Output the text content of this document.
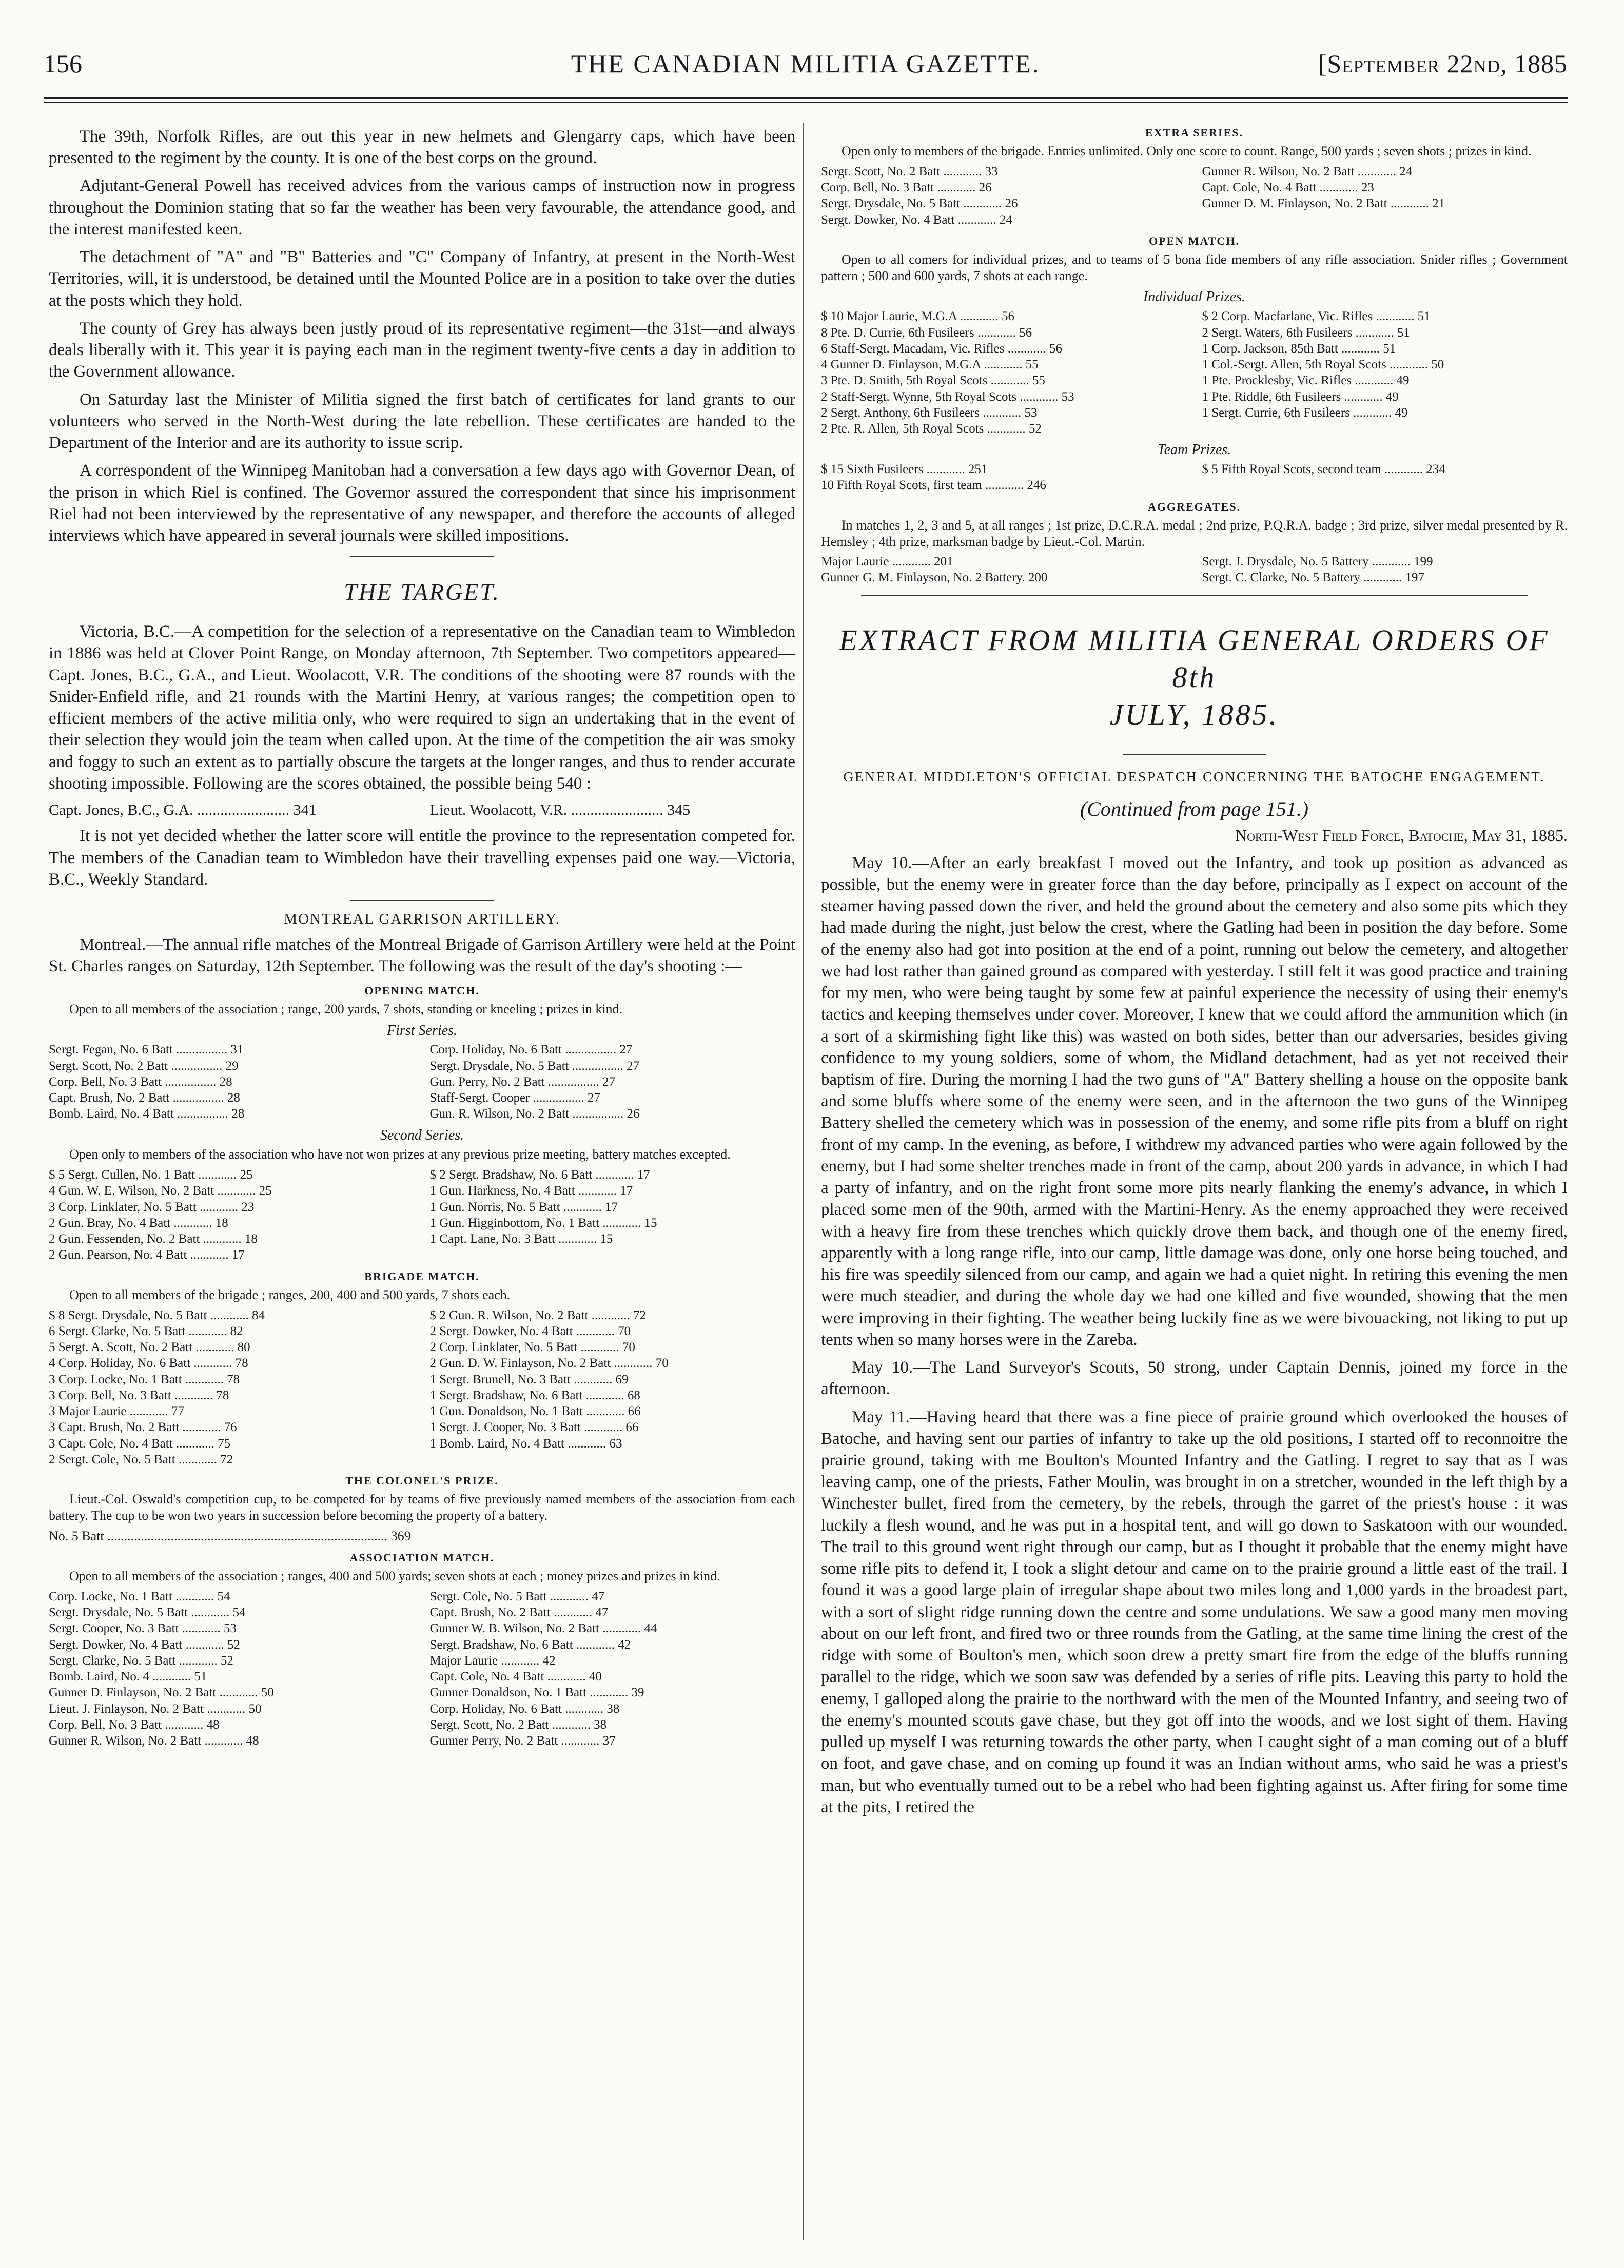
156	THE CANADIAN MILITIA GAZETTE.	[September 22nd, 1885

The 39th, Norfolk Rifles, are out this year in new helmets and Glengarry caps, which have been presented to the regiment by the county. It is one of the best corps on the ground.

Adjutant-General Powell has received advices from the various camps of instruction now in progress throughout the Dominion stating that so far the weather has been very favourable, the attendance good, and the interest manifested keen.

The detachment of "A" and "B" Batteries and "C" Company of Infantry, at present in the North-West Territories, will, it is understood, be detained until the Mounted Police are in a position to take over the duties at the posts which they hold.

The county of Grey has always been justly proud of its representative regiment—the 31st—and always deals liberally with it. This year it is paying each man in the regiment twenty-five cents a day in addition to the Government allowance.

On Saturday last the Minister of Militia signed the first batch of certificates for land grants to our volunteers who served in the North-West during the late rebellion. These certificates are handed to the Department of the Interior and are its authority to issue scrip.

A correspondent of the Winnipeg Manitoban had a conversation a few days ago with Governor Dean, of the prison in which Riel is confined. The Governor assured the correspondent that since his imprisonment Riel had not been interviewed by the representative of any newspaper, and therefore the accounts of alleged interviews which have appeared in several journals were skilled impositions.

THE TARGET.

Victoria, B.C.—A competition for the selection of a representative on the Canadian team to Wimbledon in 1886 was held at Clover Point Range, on Monday afternoon, 7th September. Two competitors appeared—Capt. Jones, B.C., G.A., and Lieut. Woolacott, V.R. The conditions of the shooting were 87 rounds with the Snider-Enfield rifle, and 21 rounds with the Martini Henry, at various ranges; the competition open to efficient members of the active militia only, who were required to sign an undertaking that in the event of their selection they would join the team when called upon. At the time of the competition the air was smoky and foggy to such an extent as to partially obscure the targets at the longer ranges, and thus to render accurate shooting impossible. Following are the scores obtained, the possible being 540 :

Capt. Jones, B.C., G.A. ........................ 341	Lieut. Woolacott, V.R. ........................ 345

It is not yet decided whether the latter score will entitle the province to the representation competed for. The members of the Canadian team to Wimbledon have their travelling expenses paid one way.—Victoria, B.C., Weekly Standard.

MONTREAL GARRISON ARTILLERY.

Montreal.—The annual rifle matches of the Montreal Brigade of Garrison Artillery were held at the Point St. Charles ranges on Saturday, 12th September. The following was the result of the day's shooting :—

OPENING MATCH.
Open to all members of the association ; range, 200 yards, 7 shots, standing or kneeling ; prizes in kind.
First Series.
Sergt. Fegan, No. 6 Batt ................ 31	Corp. Holiday, No. 6 Batt ................ 27
Sergt. Scott, No. 2 Batt ................ 29	Sergt. Drysdale, No. 5 Batt ................ 27
Corp. Bell, No. 3 Batt ................ 28	Gun. Perry, No. 2 Batt ................ 27
Capt. Brush, No. 2 Batt ................ 28	Staff-Sergt. Cooper ................ 27
Bomb. Laird, No. 4 Batt ................ 28	Gun. R. Wilson, No. 2 Batt ................ 26
Second Series.
Open only to members of the association who have not won prizes at any previous prize meeting, battery matches excepted.
$ 5 Sergt. Cullen, No. 1 Batt ............ 25	$ 2 Sergt. Bradshaw, No. 6 Batt ............ 17
4 Gun. W. E. Wilson, No. 2 Batt ............ 25	1 Gun. Harkness, No. 4 Batt ............ 17
3 Corp. Linklater, No. 5 Batt ............ 23	1 Gun. Norris, No. 5 Batt ............ 17
2 Gun. Bray, No. 4 Batt ............ 18	1 Gun. Higginbottom, No. 1 Batt ............ 15
2 Gun. Fessenden, No. 2 Batt ............ 18	1 Capt. Lane, No. 3 Batt ............ 15
2 Gun. Pearson, No. 4 Batt ............ 17
BRIGADE MATCH.
Open to all members of the brigade ; ranges, 200, 400 and 500 yards, 7 shots each.
$ 8 Sergt. Drysdale, No. 5 Batt ............ 84	$ 2 Gun. R. Wilson, No. 2 Batt ............ 72
6 Sergt. Clarke, No. 5 Batt ............ 82	2 Sergt. Dowker, No. 4 Batt ............ 70
5 Sergt. A. Scott, No. 2 Batt ............ 80	2 Corp. Linklater, No. 5 Batt ............ 70
4 Corp. Holiday, No. 6 Batt ............ 78	2 Gun. D. W. Finlayson, No. 2 Batt ............ 70
3 Corp. Locke, No. 1 Batt ............ 78	1 Sergt. Brunell, No. 3 Batt ............ 69
3 Corp. Bell, No. 3 Batt ............ 78	1 Sergt. Bradshaw, No. 6 Batt ............ 68
3 Major Laurie ............ 77	1 Gun. Donaldson, No. 1 Batt ............ 66
3 Capt. Brush, No. 2 Batt ............ 76	1 Sergt. J. Cooper, No. 3 Batt ............ 66
3 Capt. Cole, No. 4 Batt ............ 75	1 Bomb. Laird, No. 4 Batt ............ 63
2 Sergt. Cole, No. 5 Batt ............ 72
THE COLONEL'S PRIZE.
Lieut.-Col. Oswald's competition cup, to be competed for by teams of five previously named members of the association from each battery. The cup to be won two years in succession before becoming the property of a battery.
No. 5 Batt .................................................................................... 369
ASSOCIATION MATCH.
Open to all members of the association ; ranges, 400 and 500 yards; seven shots at each ; money prizes and prizes in kind.
Corp. Locke, No. 1 Batt ............ 54	Sergt. Cole, No. 5 Batt ............ 47
Sergt. Drysdale, No. 5 Batt ............ 54	Capt. Brush, No. 2 Batt ............ 47
Sergt. Cooper, No. 3 Batt ............ 53	Gunner W. B. Wilson, No. 2 Batt ............ 44
Sergt. Dowker, No. 4 Batt ............ 52	Sergt. Bradshaw, No. 6 Batt ............ 42
Sergt. Clarke, No. 5 Batt ............ 52	Major Laurie ............ 42
Bomb. Laird, No. 4 ............ 51	Capt. Cole, No. 4 Batt ............ 40
Gunner D. Finlayson, No. 2 Batt ............ 50	Gunner Donaldson, No. 1 Batt ............ 39
Lieut. J. Finlayson, No. 2 Batt ............ 50	Corp. Holiday, No. 6 Batt ............ 38
Corp. Bell, No. 3 Batt ............ 48	Sergt. Scott, No. 2 Batt ............ 38
Gunner R. Wilson, No. 2 Batt ............ 48	Gunner Perry, No. 2 Batt ............ 37
EXTRA SERIES.
Open only to members of the brigade. Entries unlimited. Only one score to count. Range, 500 yards ; seven shots ; prizes in kind.
Sergt. Scott, No. 2 Batt ............ 33	Gunner R. Wilson, No. 2 Batt ............ 24
Corp. Bell, No. 3 Batt ............ 26	Capt. Cole, No. 4 Batt ............ 23
Sergt. Drysdale, No. 5 Batt ............ 26	Gunner D. M. Finlayson, No. 2 Batt ............ 21
Sergt. Dowker, No. 4 Batt ............ 24
OPEN MATCH.
Open to all comers for individual prizes, and to teams of 5 bona fide members of any rifle association. Snider rifles ; Government pattern ; 500 and 600 yards, 7 shots at each range.
Individual Prizes.
$ 10 Major Laurie, M.G.A ............ 56	$ 2 Corp. Macfarlane, Vic. Rifles ............ 51
8 Pte. D. Currie, 6th Fusileers ............ 56	2 Sergt. Waters, 6th Fusileers ............ 51
6 Staff-Sergt. Macadam, Vic. Rifles ............ 56	1 Corp. Jackson, 85th Batt ............ 51
4 Gunner D. Finlayson, M.G.A ............ 55	1 Col.-Sergt. Allen, 5th Royal Scots ............ 50
3 Pte. D. Smith, 5th Royal Scots ............ 55	1 Pte. Procklesby, Vic. Rifles ............ 49
2 Staff-Sergt. Wynne, 5th Royal Scots ............ 53	1 Pte. Riddle, 6th Fusileers ............ 49
2 Sergt. Anthony, 6th Fusileers ............ 53	1 Sergt. Currie, 6th Fusileers ............ 49
2 Pte. R. Allen, 5th Royal Scots ............ 52
Team Prizes.
$ 15 Sixth Fusileers ............ 251	$ 5 Fifth Royal Scots, second team ............ 234
10 Fifth Royal Scots, first team ............ 246
AGGREGATES.
In matches 1, 2, 3 and 5, at all ranges ; 1st prize, D.C.R.A. medal ; 2nd prize, P.Q.R.A. badge ; 3rd prize, silver medal presented by R. Hemsley ; 4th prize, marksman badge by Lieut.-Col. Martin.
Major Laurie ............ 201	Sergt. J. Drysdale, No. 5 Battery ............ 199
Gunner G. M. Finlayson, No. 2 Battery. 200	Sergt. C. Clarke, No. 5 Battery ............ 197
EXTRACT FROM MILITIA GENERAL ORDERS OF 8th
JULY, 1885.
GENERAL MIDDLETON'S OFFICIAL DESPATCH CONCERNING THE BATOCHE ENGAGEMENT.
(Continued from page 151.)
North-West Field Force, Batoche, May 31, 1885.

May 10.—After an early breakfast I moved out the Infantry, and took up position as advanced as possible, but the enemy were in greater force than the day before, principally as I expect on account of the steamer having passed down the river, and held the ground about the cemetery and also some pits which they had made during the night, just below the crest, where the Gatling had been in position the day before. Some of the enemy also had got into position at the end of a point, running out below the cemetery, and altogether we had lost rather than gained ground as compared with yesterday. I still felt it was good practice and training for my men, who were being taught by some few at painful experience the necessity of using their enemy's tactics and keeping themselves under cover. Moreover, I knew that we could afford the ammunition which (in a sort of a skirmishing fight like this) was wasted on both sides, better than our adversaries, besides giving confidence to my young soldiers, some of whom, the Midland detachment, had as yet not received their baptism of fire. During the morning I had the two guns of "A" Battery shelling a house on the opposite bank and some bluffs where some of the enemy were seen, and in the afternoon the two guns of the Winnipeg Battery shelled the cemetery which was in possession of the enemy, and some rifle pits from a bluff on right front of my camp. In the evening, as before, I withdrew my advanced parties who were again followed by the enemy, but I had some shelter trenches made in front of the camp, about 200 yards in advance, in which I had a party of infantry, and on the right front some more pits nearly flanking the enemy's advance, in which I placed some men of the 90th, armed with the Martini-Henry. As the enemy approached they were received with a heavy fire from these trenches which quickly drove them back, and though one of the enemy fired, apparently with a long range rifle, into our camp, little damage was done, only one horse being touched, and his fire was speedily silenced from our camp, and again we had a quiet night. In retiring this evening the men were much steadier, and during the whole day we had one killed and five wounded, showing that the men were improving in their fighting. The weather being luckily fine as we were bivouacking, not liking to put up tents when so many horses were in the Zareba.

May 10.—The Land Surveyor's Scouts, 50 strong, under Captain Dennis, joined my force in the afternoon.

May 11.—Having heard that there was a fine piece of prairie ground which overlooked the houses of Batoche, and having sent our parties of infantry to take up the old positions, I started off to reconnoitre the prairie ground, taking with me Boulton's Mounted Infantry and the Gatling. I regret to say that as I was leaving camp, one of the priests, Father Moulin, was brought in on a stretcher, wounded in the left thigh by a Winchester bullet, fired from the cemetery, by the rebels, through the garret of the priest's house : it was luckily a flesh wound, and he was put in a hospital tent, and will go down to Saskatoon with our wounded. The trail to this ground went right through our camp, but as I thought it probable that the enemy might have some rifle pits to defend it, I took a slight detour and came on to the prairie ground a little east of the trail. I found it was a good large plain of irregular shape about two miles long and 1,000 yards in the broadest part, with a sort of slight ridge running down the centre and some undulations. We saw a good many men moving about on our left front, and fired two or three rounds from the Gatling, at the same time lining the crest of the ridge with some of Boulton's men, which soon drew a pretty smart fire from the edge of the bluffs running parallel to the ridge, which we soon saw was defended by a series of rifle pits. Leaving this party to hold the enemy, I galloped along the prairie to the northward with the men of the Mounted Infantry, and seeing two of the enemy's mounted scouts gave chase, but they got off into the woods, and we lost sight of them. Having pulled up myself I was returning towards the other party, when I caught sight of a man coming out of a bluff on foot, and gave chase, and on coming up found it was an Indian without arms, who said he was a priest's man, but who eventually turned out to be a rebel who had been fighting against us. After firing for some time at the pits, I retired the
